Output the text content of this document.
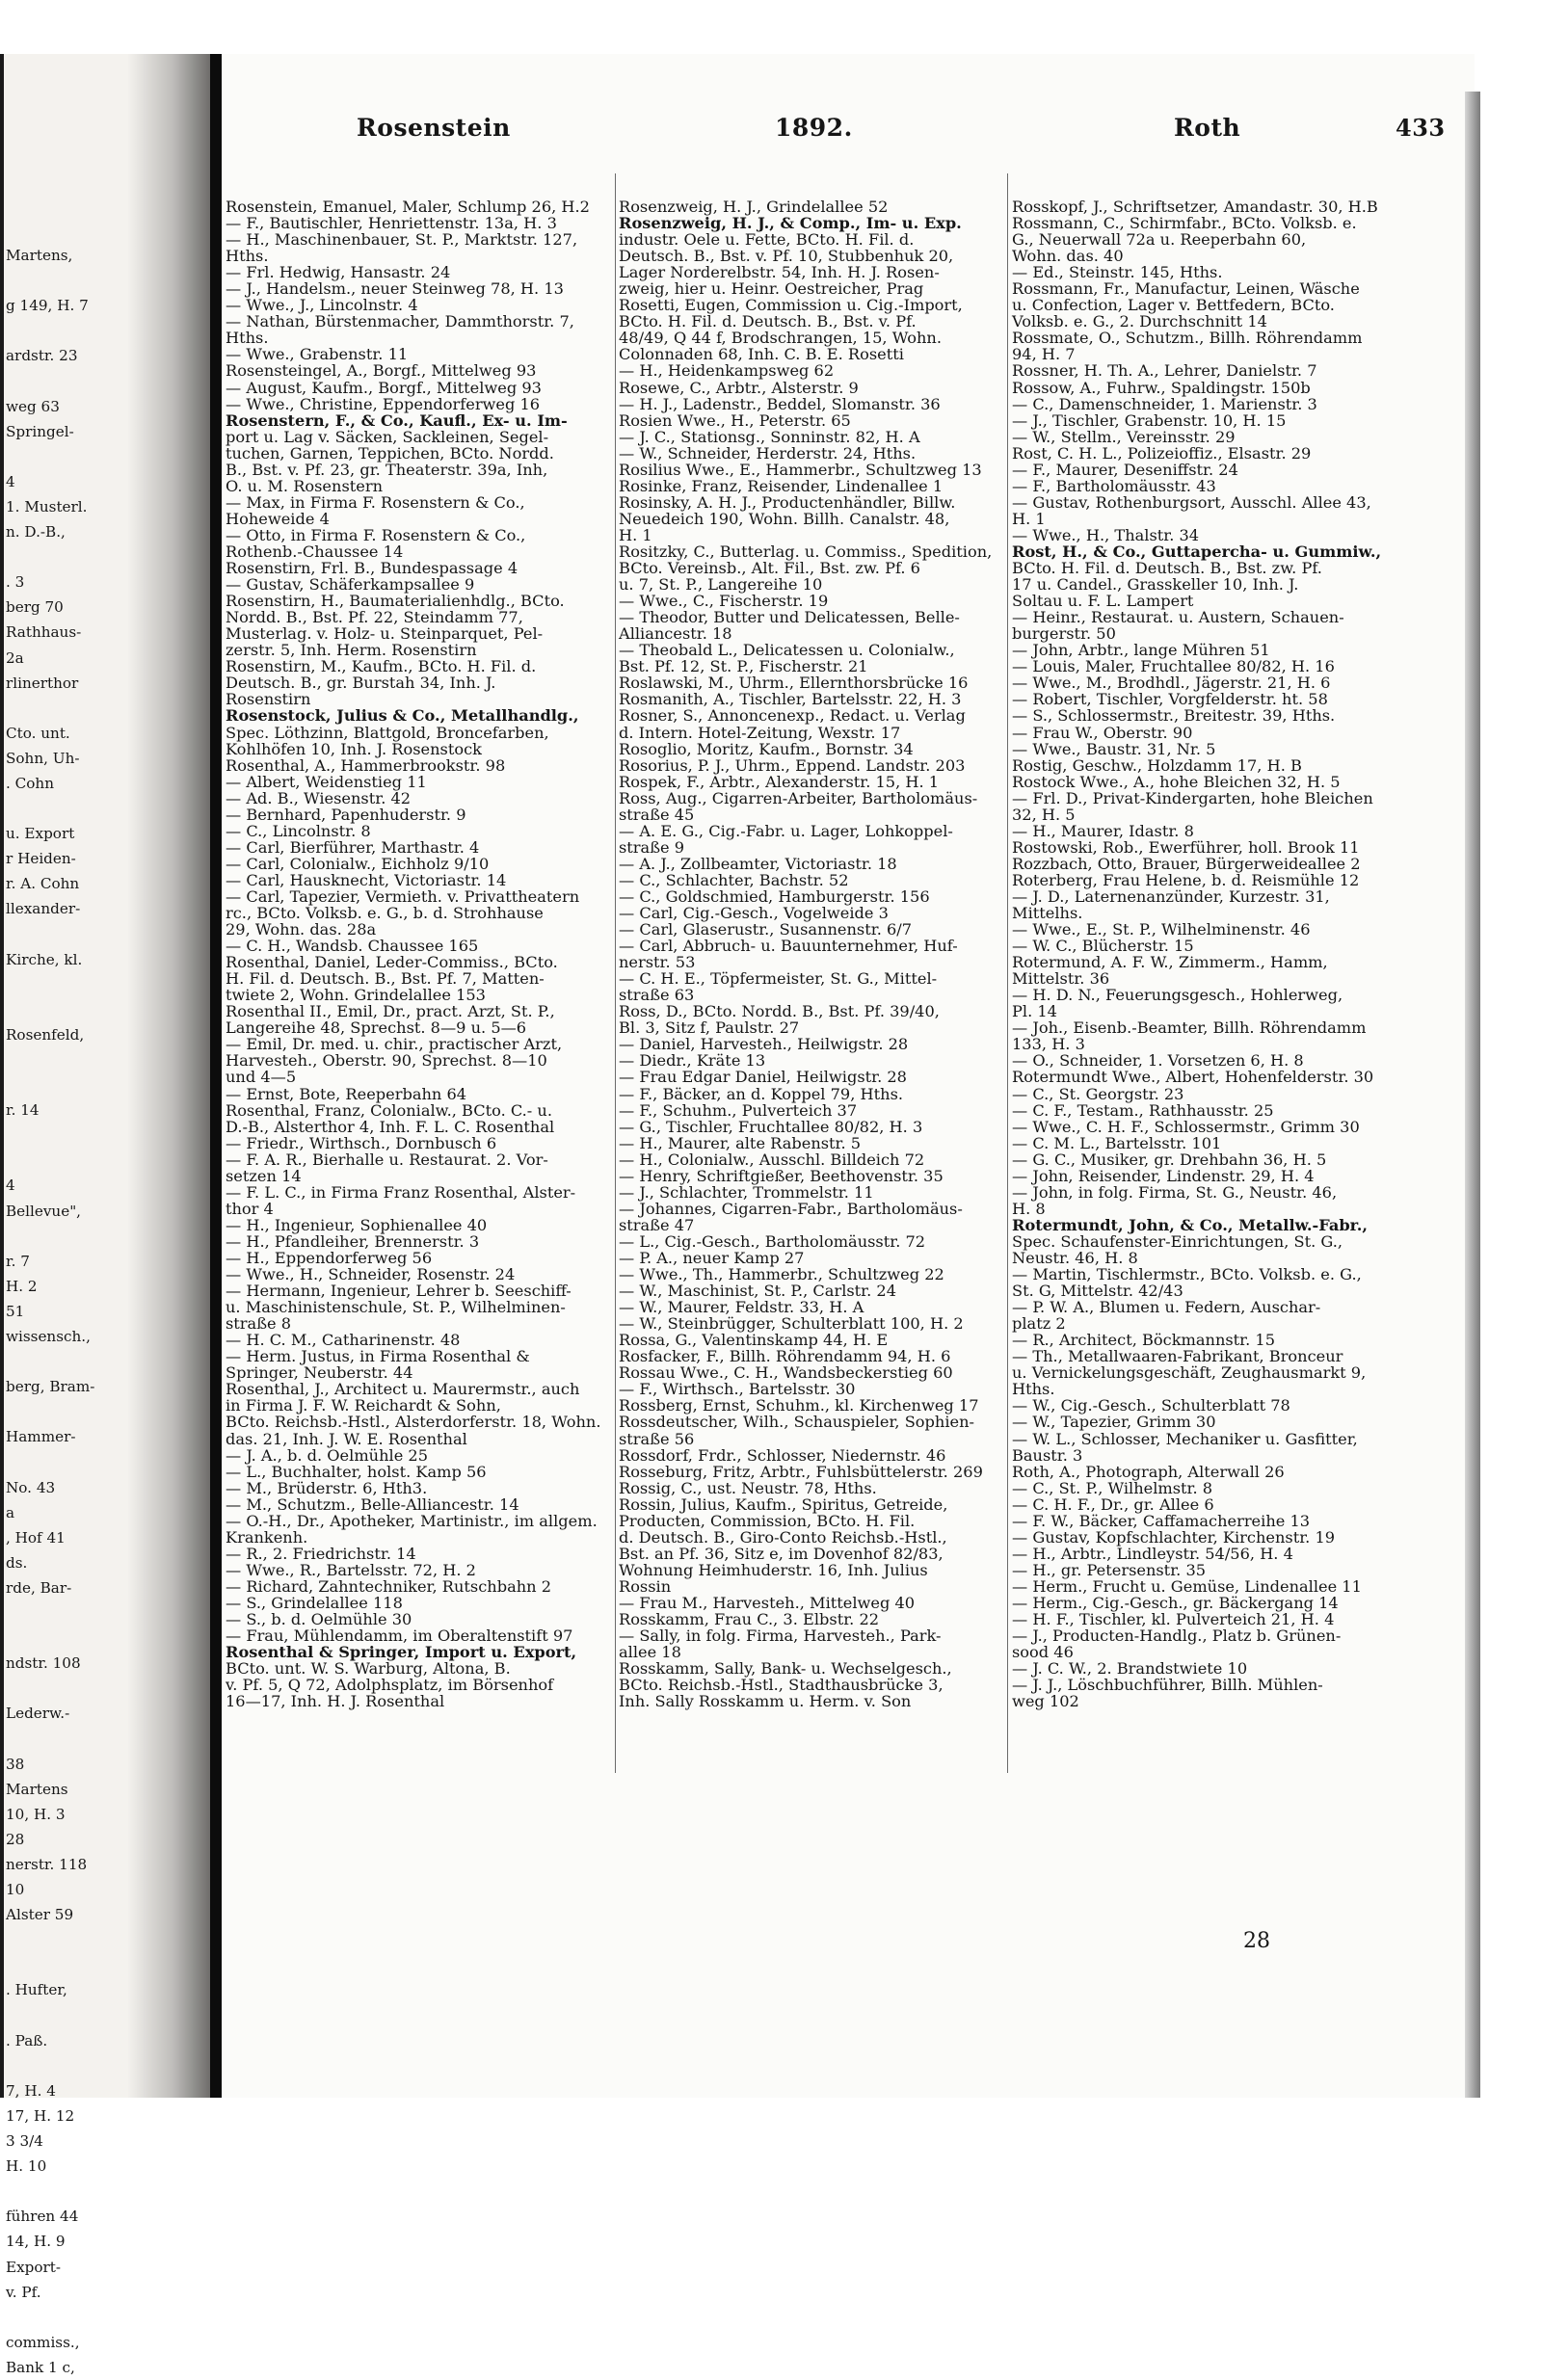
Martens,
g 149, H. 7
ardstr. 23
weg 63
Springel-
4
1. Musterl.
n. D.-B.,
. 3
berg 70
Rathhaus-
2a
rlinerthor
Cto. unt.
Sohn, Uh-
. Cohn
u. Export
r Heiden-
r. A. Cohn
llexander-
Kirche, kl.
Rosenfeld,
r. 14
4
Bellevue",
r. 7
H. 2
51
wissensch.,
berg, Bram-
Hammer-
No. 43
a
, Hof 41
ds.
rde, Bar-
ndstr. 108
Lederw.-
38
Martens
10, H. 3
28
nerstr. 118
10
Alster 59
. Hufter,
. Paß.
7, H. 4
17, H. 12
3 3/4
H. 10
führen 44
14, H. 9
Export-
v. Pf.
commiss.,
Bank 1 c,
Rosenstein	1892.	Roth	433
Rosenstein, Emanuel, Maler, Schlump 26, H.2
— F., Bautischler, Henriettenstr. 13a, H. 3
— H., Maschinenbauer, St. P., Marktstr. 127,
Hths.
— Frl. Hedwig, Hansastr. 24
— J., Handelsm., neuer Steinweg 78, H. 13
— Wwe., J., Lincolnstr. 4
— Nathan, Bürstenmacher, Dammthorstr. 7,
Hths.
— Wwe., Grabenstr. 11
Rosensteingel, A., Borgf., Mittelweg 93
— August, Kaufm., Borgf., Mittelweg 93
— Wwe., Christine, Eppendorferweg 16
Rosenstern, F., & Co., Kaufl., Ex- u. Im-
port u. Lag v. Säcken, Sackleinen, Segel-
tuchen, Garnen, Teppichen, BCto. Nordd.
B., Bst. v. Pf. 23, gr. Theaterstr. 39a, Inh,
O. u. M. Rosenstern
— Max, in Firma F. Rosenstern & Co.,
Hoheweide 4
— Otto, in Firma F. Rosenstern & Co.,
Rothenb.-Chaussee 14
Rosenstirn, Frl. B., Bundespassage 4
— Gustav, Schäferkampsallee 9
Rosenstirn, H., Baumaterialienhdlg., BCto.
Nordd. B., Bst. Pf. 22, Steindamm 77,
Musterlag. v. Holz- u. Steinparquet, Pel-
zerstr. 5, Inh. Herm. Rosenstirn
Rosenstirn, M., Kaufm., BCto. H. Fil. d.
Deutsch. B., gr. Burstah 34, Inh. J.
Rosenstirn
Rosenstock, Julius & Co., Metallhandlg.,
Spec. Löthzinn, Blattgold, Broncefarben,
Kohlhöfen 10, Inh. J. Rosenstock
Rosenthal, A., Hammerbrookstr. 98
— Albert, Weidenstieg 11
— Ad. B., Wiesenstr. 42
— Bernhard, Papenhuderstr. 9
— C., Lincolnstr. 8
— Carl, Bierführer, Marthastr. 4
— Carl, Colonialw., Eichholz 9/10
— Carl, Hausknecht, Victoriastr. 14
— Carl, Tapezier, Vermieth. v. Privattheatern
rc., BCto. Volksb. e. G., b. d. Strohhause
29, Wohn. das. 28a
— C. H., Wandsb. Chaussee 165
Rosenthal, Daniel, Leder-Commiss., BCto.
H. Fil. d. Deutsch. B., Bst. Pf. 7, Matten-
twiete 2, Wohn. Grindelallee 153
Rosenthal II., Emil, Dr., pract. Arzt, St. P.,
Langereihe 48, Sprechst. 8—9 u. 5—6
— Emil, Dr. med. u. chir., practischer Arzt,
Harvesteh., Oberstr. 90, Sprechst. 8—10
und 4—5
— Ernst, Bote, Reeperbahn 64
Rosenthal, Franz, Colonialw., BCto. C.- u.
D.-B., Alsterthor 4, Inh. F. L. C. Rosenthal
— Friedr., Wirthsch., Dornbusch 6
— F. A. R., Bierhalle u. Restaurat. 2. Vor-
setzen 14
— F. L. C., in Firma Franz Rosenthal, Alster-
thor 4
— H., Ingenieur, Sophienallee 40
— H., Pfandleiher, Brennerstr. 3
— H., Eppendorferweg 56
— Wwe., H., Schneider, Rosenstr. 24
— Hermann, Ingenieur, Lehrer b. Seeschiff-
u. Maschinistenschule, St. P., Wilhelminen-
straße 8
— H. C. M., Catharinenstr. 48
— Herm. Justus, in Firma Rosenthal &
Springer, Neuberstr. 44
Rosenthal, J., Architect u. Maurermstr., auch
in Firma J. F. W. Reichardt & Sohn,
BCto. Reichsb.-Hstl., Alsterdorferstr. 18, Wohn.
das. 21, Inh. J. W. E. Rosenthal
— J. A., b. d. Oelmühle 25
— L., Buchhalter, holst. Kamp 56
— M., Brüderstr. 6, Hth3.
— M., Schutzm., Belle-Alliancestr. 14
— O.-H., Dr., Apotheker, Martinistr., im allgem.
Krankenh.
— R., 2. Friedrichstr. 14
— Wwe., R., Bartelsstr. 72, H. 2
— Richard, Zahntechniker, Rutschbahn 2
— S., Grindelallee 118
— S., b. d. Oelmühle 30
— Frau, Mühlendamm, im Oberaltenstift 97
Rosenthal & Springer, Import u. Export,
BCto. unt. W. S. Warburg, Altona, B.
v. Pf. 5, Q 72, Adolphsplatz, im Börsenhof
16—17, Inh. H. J. Rosenthal
Rosenzweig, H. J., Grindelallee 52
Rosenzweig, H. J., & Comp., Im- u. Exp.
industr. Oele u. Fette, BCto. H. Fil. d.
Deutsch. B., Bst. v. Pf. 10, Stubbenhuk 20,
Lager Norderelbstr. 54, Inh. H. J. Rosen-
zweig, hier u. Heinr. Oestreicher, Prag
Rosetti, Eugen, Commission u. Cig.-Import,
BCto. H. Fil. d. Deutsch. B., Bst. v. Pf.
48/49, Q 44 f, Brodschrangen, 15, Wohn.
Colonnaden 68, Inh. C. B. E. Rosetti
— H., Heidenkampsweg 62
Rosewe, C., Arbtr., Alsterstr. 9
— H. J., Ladenstr., Beddel, Slomanstr. 36
Rosien Wwe., H., Peterstr. 65
— J. C., Stationsg., Sonninstr. 82, H. A
— W., Schneider, Herderstr. 24, Hths.
Rosilius Wwe., E., Hammerbr., Schultzweg 13
Rosinke, Franz, Reisender, Lindenallee 1
Rosinsky, A. H. J., Productenhändler, Billw.
Neuedeich 190, Wohn. Billh. Canalstr. 48,
H. 1
Rositzky, C., Butterlag. u. Commiss., Spedition,
BCto. Vereinsb., Alt. Fil., Bst. zw. Pf. 6
u. 7, St. P., Langereihe 10
— Wwe., C., Fischerstr. 19
— Theodor, Butter und Delicatessen, Belle-
Alliancestr. 18
— Theobald L., Delicatessen u. Colonialw.,
Bst. Pf. 12, St. P., Fischerstr. 21
Roslawski, M., Uhrm., Ellernthorsbrücke 16
Rosmanith, A., Tischler, Bartelsstr. 22, H. 3
Rosner, S., Annoncenexp., Redact. u. Verlag
d. Intern. Hotel-Zeitung, Wexstr. 17
Rosoglio, Moritz, Kaufm., Bornstr. 34
Rosorius, P. J., Uhrm., Eppend. Landstr. 203
Rospek, F., Arbtr., Alexanderstr. 15, H. 1
Ross, Aug., Cigarren-Arbeiter, Bartholomäus-
straße 45
— A. E. G., Cig.-Fabr. u. Lager, Lohkoppel-
straße 9
— A. J., Zollbeamter, Victoriastr. 18
— C., Schlachter, Bachstr. 52
— C., Goldschmied, Hamburgerstr. 156
— Carl, Cig.-Gesch., Vogelweide 3
— Carl, Glaserustr., Susannenstr. 6/7
— Carl, Abbruch- u. Bauunternehmer, Huf-
nerstr. 53
— C. H. E., Töpfermeister, St. G., Mittel-
straße 63
Ross, D., BCto. Nordd. B., Bst. Pf. 39/40,
Bl. 3, Sitz f, Paulstr. 27
— Daniel, Harvesteh., Heilwigstr. 28
— Diedr., Kräte 13
— Frau Edgar Daniel, Heilwigstr. 28
— F., Bäcker, an d. Koppel 79, Hths.
— F., Schuhm., Pulverteich 37
— G., Tischler, Fruchtallee 80/82, H. 3
— H., Maurer, alte Rabenstr. 5
— H., Colonialw., Ausschl. Billdeich 72
— Henry, Schriftgießer, Beethovenstr. 35
— J., Schlachter, Trommelstr. 11
— Johannes, Cigarren-Fabr., Bartholomäus-
straße 47
— L., Cig.-Gesch., Bartholomäusstr. 72
— P. A., neuer Kamp 27
— Wwe., Th., Hammerbr., Schultzweg 22
— W., Maschinist, St. P., Carlstr. 24
— W., Maurer, Feldstr. 33, H. A
— W., Steinbrügger, Schulterblatt 100, H. 2
Rossa, G., Valentinskamp 44, H. E
Rosfacker, F., Billh. Röhrendamm 94, H. 6
Rossau Wwe., C. H., Wandsbeckerstieg 60
— F., Wirthsch., Bartelsstr. 30
Rossberg, Ernst, Schuhm., kl. Kirchenweg 17
Rossdeutscher, Wilh., Schauspieler, Sophien-
straße 56
Rossdorf, Frdr., Schlosser, Niedernstr. 46
Rosseburg, Fritz, Arbtr., Fuhlsbüttelerstr. 269
Rossig, C., ust. Neustr. 78, Hths.
Rossin, Julius, Kaufm., Spiritus, Getreide,
Producten, Commission, BCto. H. Fil.
d. Deutsch. B., Giro-Conto Reichsb.-Hstl.,
Bst. an Pf. 36, Sitz e, im Dovenhof 82/83,
Wohnung Heimhuderstr. 16, Inh. Julius
Rossin
— Frau M., Harvesteh., Mittelweg 40
Rosskamm, Frau C., 3. Elbstr. 22
— Sally, in folg. Firma, Harvesteh., Park-
allee 18
Rosskamm, Sally, Bank- u. Wechselgesch.,
BCto. Reichsb.-Hstl., Stadthausbrücke 3,
Inh. Sally Rosskamm u. Herm. v. Son
Rosskopf, J., Schriftsetzer, Amandastr. 30, H.B
Rossmann, C., Schirmfabr., BCto. Volksb. e.
G., Neuerwall 72a u. Reeperbahn 60,
Wohn. das. 40
— Ed., Steinstr. 145, Hths.
Rossmann, Fr., Manufactur, Leinen, Wäsche
u. Confection, Lager v. Bettfedern, BCto.
Volksb. e. G., 2. Durchschnitt 14
Rossmate, O., Schutzm., Billh. Röhrendamm
94, H. 7
Rossner, H. Th. A., Lehrer, Danielstr. 7
Rossow, A., Fuhrw., Spaldingstr. 150b
— C., Damenschneider, 1. Marienstr. 3
— J., Tischler, Grabenstr. 10, H. 15
— W., Stellm., Vereinsstr. 29
Rost, C. H. L., Polizeioffiz., Elsastr. 29
— F., Maurer, Deseniffstr. 24
— F., Bartholomäusstr. 43
— Gustav, Rothenburgsort, Ausschl. Allee 43,
H. 1
— Wwe., H., Thalstr. 34
Rost, H., & Co., Guttapercha- u. Gummiw.,
BCto. H. Fil. d. Deutsch. B., Bst. zw. Pf.
17 u. Candel., Grasskeller 10, Inh. J.
Soltau u. F. L. Lampert
— Heinr., Restaurat. u. Austern, Schauen-
burgerstr. 50
— John, Arbtr., lange Mühren 51
— Louis, Maler, Fruchtallee 80/82, H. 16
— Wwe., M., Brodhdl., Jägerstr. 21, H. 6
— Robert, Tischler, Vorgfelderstr. ht. 58
— S., Schlossermstr., Breitestr. 39, Hths.
— Frau W., Oberstr. 90
— Wwe., Baustr. 31, Nr. 5
Rostig, Geschw., Holzdamm 17, H. B
Rostock Wwe., A., hohe Bleichen 32, H. 5
— Frl. D., Privat-Kindergarten, hohe Bleichen
32, H. 5
— H., Maurer, Idastr. 8
Rostowski, Rob., Ewerführer, holl. Brook 11
Rozzbach, Otto, Brauer, Bürgerweideallee 2
Roterberg, Frau Helene, b. d. Reismühle 12
— J. D., Laternenanzünder, Kurzestr. 31,
Mittelhs.
— Wwe., E., St. P., Wilhelminenstr. 46
— W. C., Blücherstr. 15
Rotermund, A. F. W., Zimmerm., Hamm,
Mittelstr. 36
— H. D. N., Feuerungsgesch., Hohlerweg,
Pl. 14
— Joh., Eisenb.-Beamter, Billh. Röhrendamm
133, H. 3
— O., Schneider, 1. Vorsetzen 6, H. 8
Rotermundt Wwe., Albert, Hohenfelderstr. 30
— C., St. Georgstr. 23
— C. F., Testam., Rathhausstr. 25
— Wwe., C. H. F., Schlossermstr., Grimm 30
— C. M. L., Bartelsstr. 101
— G. C., Musiker, gr. Drehbahn 36, H. 5
— John, Reisender, Lindenstr. 29, H. 4
— John, in folg. Firma, St. G., Neustr. 46,
H. 8
Rotermundt, John, & Co., Metallw.-Fabr.,
Spec. Schaufenster-Einrichtungen, St. G.,
Neustr. 46, H. 8
— Martin, Tischlermstr., BCto. Volksb. e. G.,
St. G, Mittelstr. 42/43
— P. W. A., Blumen u. Federn, Auschar-
platz 2
— R., Architect, Böckmannstr. 15
— Th., Metallwaaren-Fabrikant, Bronceur
u. Vernickelungsgeschäft, Zeughausmarkt 9,
Hths.
— W., Cig.-Gesch., Schulterblatt 78
— W., Tapezier, Grimm 30
— W. L., Schlosser, Mechaniker u. Gasfitter,
Baustr. 3
Roth, A., Photograph, Alterwall 26
— C., St. P., Wilhelmstr. 8
— C. H. F., Dr., gr. Allee 6
— F. W., Bäcker, Caffamacherreihe 13
— Gustav, Kopfschlachter, Kirchenstr. 19
— H., Arbtr., Lindleystr. 54/56, H. 4
— H., gr. Petersenstr. 35
— Herm., Frucht u. Gemüse, Lindenallee 11
— Herm., Cig.-Gesch., gr. Bäckergang 14
— H. F., Tischler, kl. Pulverteich 21, H. 4
— J., Producten-Handlg., Platz b. Grünen-
sood 46
— J. C. W., 2. Brandstwiete 10
— J. J., Löschbuchführer, Billh. Mühlen-
weg 102
28
